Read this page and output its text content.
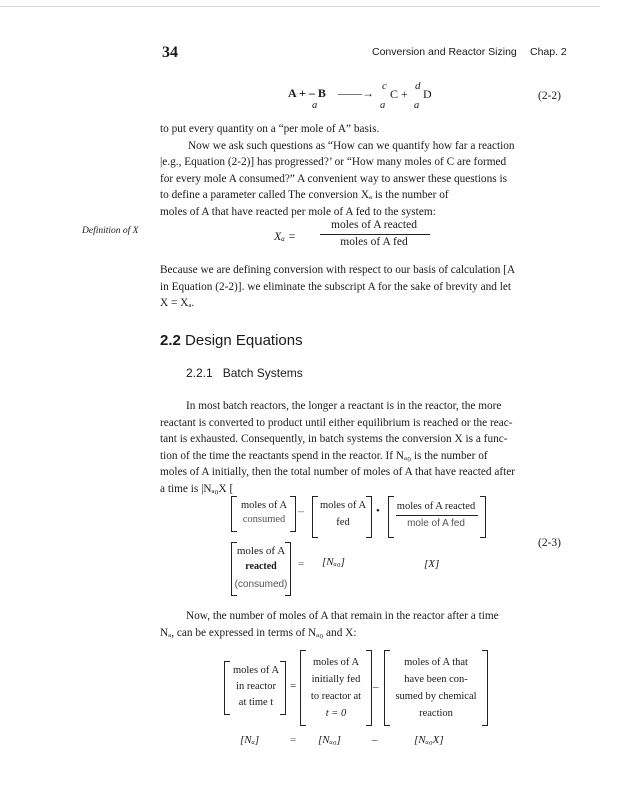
34	Conversion and Reactor Sizing Chap. 2
A + – B
a
——→ c
C +
d
D
a	a
(2-2)
to put every quantity on a “per mole of A” basis.
Now we ask such questions as “How can we quantify how far a reaction
|e.g., Equation (2-2)] has progressed?’ or “How many moles of C are formed
for every mole A consumed?” A convenient way to answer these questions is
to define a parameter called The conversion Xₐ is the number of
moles of A that have reacted per mole of A fed to the system:
Definition of X	Xₐ =
moles of A reacted
moles of A fed
Because we are defining conversion with respect to our basis of calculation [A
in Equation (2-2)]. we eliminate the subscript A for the sake of brevity and let
X = Xₐ.
2.2 Design Equations
2.2.1 Batch Systems
In most batch reactors, the longer a reactant is in the reactor, the more
reactant is converted to product until either equilibrium is reached or the reac-
tant is exhausted. Consequently, in batch systems the conversion X is a func-
tion of the time the reactants spend in the reactor. If Nₐ₀ is the number of
moles of A initially, then the total number of moles of A that have reacted after
a time is |Nₐ₀X [
moles of A
consumed
--	moles of A
fed
•	moles of A reacted
mole of A fed
moles of A
reacted
(consumed)
= [Nₐ₀]	[X]
(2-3)
Now, the number of moles of A that remain in the reactor after a time
Nₐ, can be expressed in terms of Nₐ₀ and X:
moles of A
in reactor
at time t
=
moles of A
initially fed
to reactor at
t = 0
–
moles of A that
have been con-
sumed by chemical
reaction
[Nₐ]	= [Nₐ₀]	–	[Nₐ₀X]
